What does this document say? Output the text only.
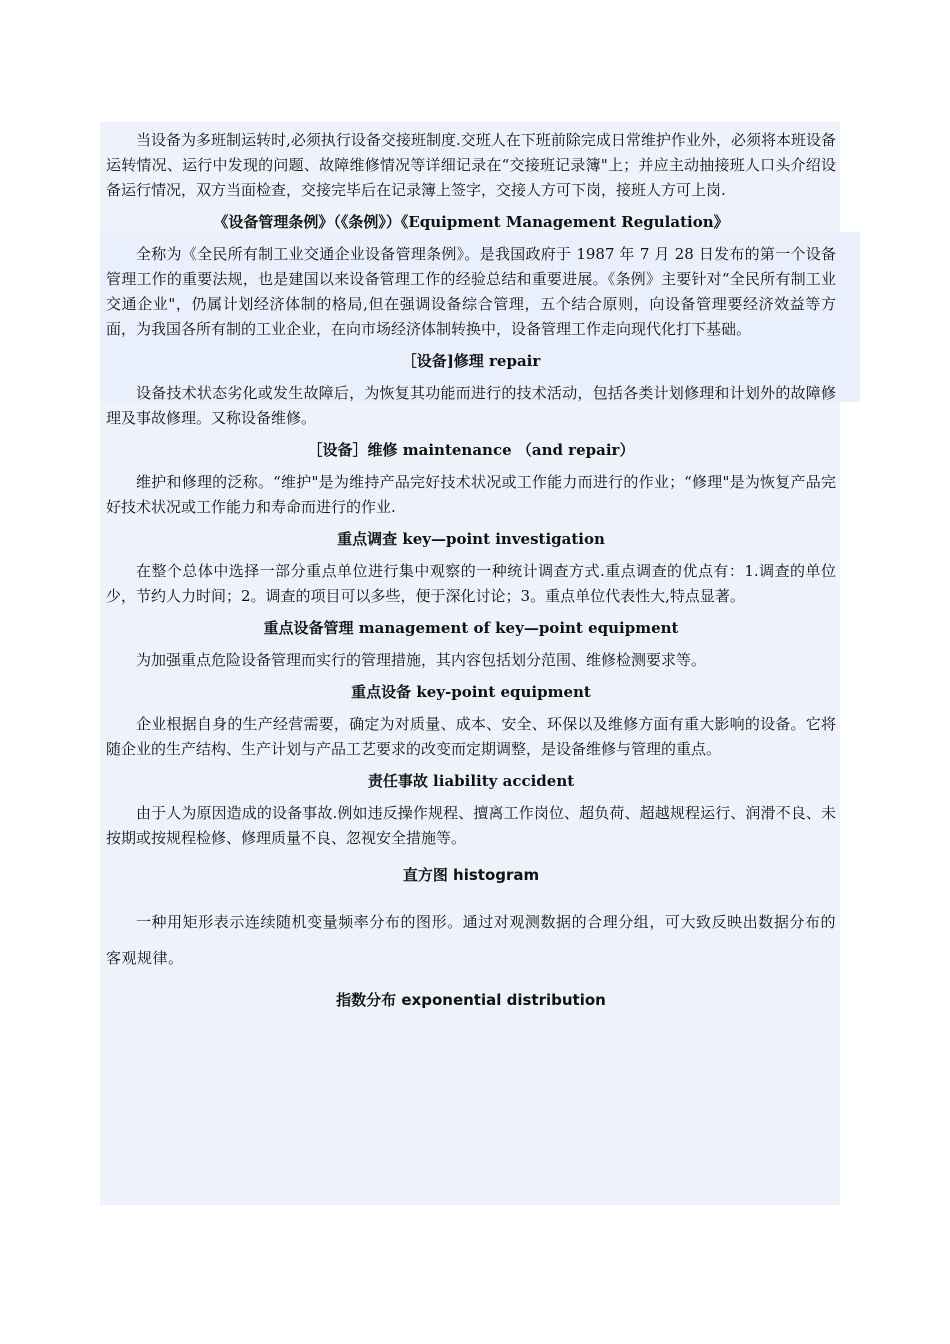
当设备为多班制运转时,必须执行设备交接班制度.交班人在下班前除完成日常维护作业外，必须将本班设备运转情况、运行中发现的问题、故障维修情况等详细记录在“交接班记录簿"上；并应主动抽接班人口头介绍设备运行情况，双方当面检查，交接完毕后在记录簿上签字，交接人方可下岗，接班人方可上岗.

《设备管理条例》（《条例》）《Equipment Management Regulation》

全称为《全民所有制工业交通企业设备管理条例》。是我国政府于 1987 年 7 月 28 日发布的第一个设备管理工作的重要法规，也是建国以来设备管理工作的经验总结和重要进展。《条例》主要针对“全民所有制工业交通企业"，仍属计划经济体制的格局,但在强调设备综合管理，五个结合原则，向设备管理要经济效益等方面，为我国各所有制的工业企业，在向市场经济体制转换中，设备管理工作走向现代化打下基础。

［设备]修理 repair

设备技术状态劣化或发生故障后，为恢复其功能而进行的技术活动，包括各类计划修理和计划外的故障修理及事故修理。又称设备维修。

［设备］维修 maintenance （and repair）

维护和修理的泛称。“维护"是为维持产品完好技术状况或工作能力而进行的作业；“修理"是为恢复产品完好技术状况或工作能力和寿命而进行的作业.

重点调查 key—point investigation

在整个总体中选择一部分重点单位进行集中观察的一种统计调查方式.重点调查的优点有：1.调查的单位少，节约人力时间；2。调查的项目可以多些，便于深化讨论；3。重点单位代表性大,特点显著。

重点设备管理 management of key—point equipment

为加强重点危险设备管理而实行的管理措施，其内容包括划分范围、维修检测要求等。

重点设备 key-point equipment

企业根据自身的生产经营需要，确定为对质量、成本、安全、环保以及维修方面有重大影响的设备。它将随企业的生产结构、生产计划与产品工艺要求的改变而定期调整，是设备维修与管理的重点。

责任事故 liability accident

由于人为原因造成的设备事故.例如违反操作规程、擅离工作岗位、超负荷、超越规程运行、润滑不良、未按期或按规程检修、修理质量不良、忽视安全措施等。

直方图 histogram

一种用矩形表示连续随机变量频率分布的图形。通过对观测数据的合理分组，可大致反映出数据分布的客观规律。

指数分布 exponential distribution
